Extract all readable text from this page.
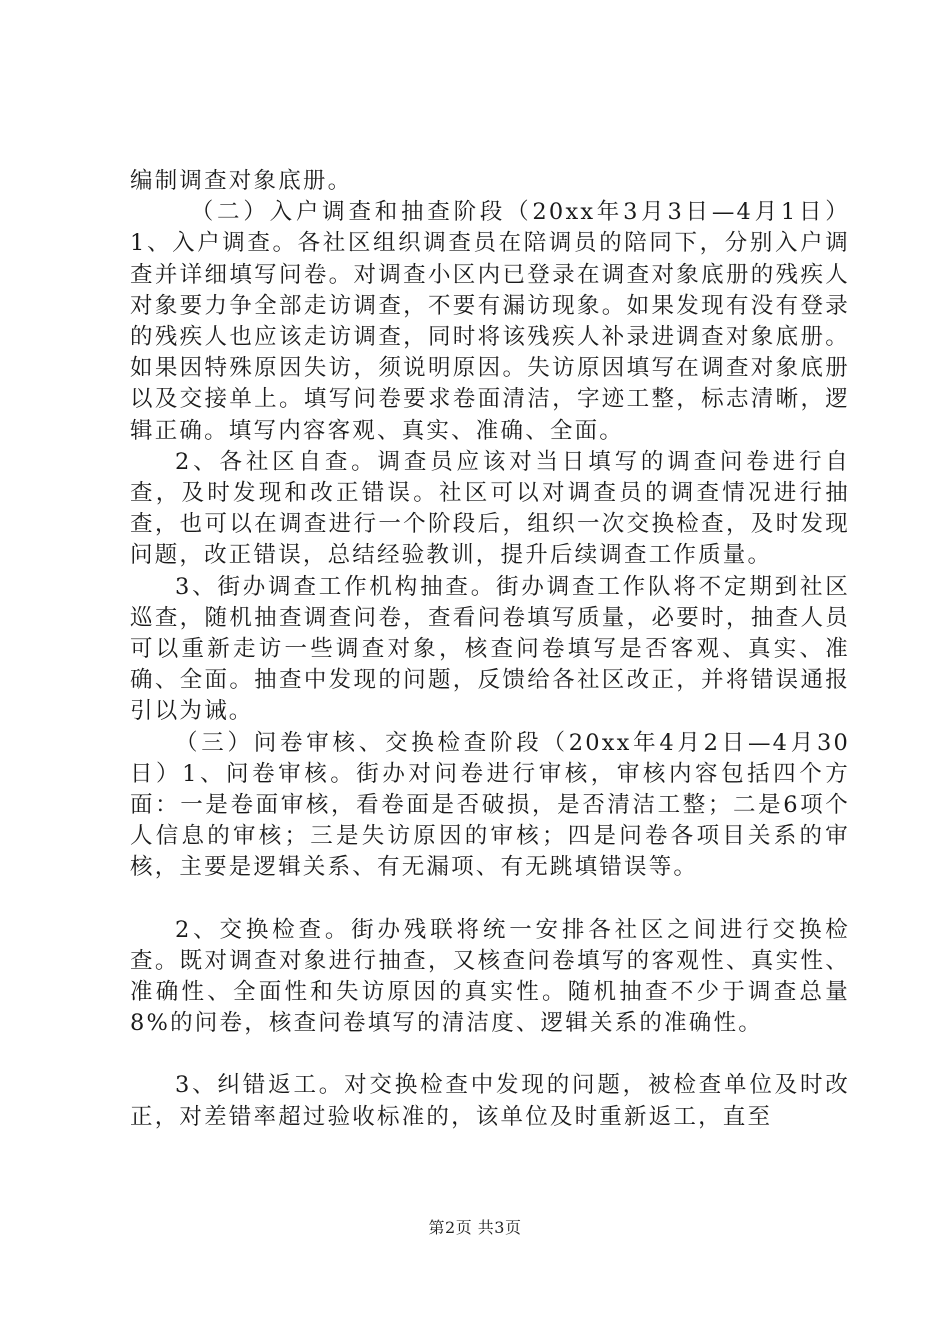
编制调查对象底册。

（二）入户调查和抽查阶段（20xx年3月3日—4月1日）1、入户调查。各社区组织调查员在陪调员的陪同下，分别入户调查并详细填写问卷。对调查小区内已登录在调查对象底册的残疾人对象要力争全部走访调查，不要有漏访现象。如果发现有没有登录的残疾人也应该走访调查，同时将该残疾人补录进调查对象底册。如果因特殊原因失访，须说明原因。失访原因填写在调查对象底册以及交接单上。填写问卷要求卷面清洁，字迹工整，标志清晰，逻辑正确。填写内容客观、真实、准确、全面。

2、各社区自查。调查员应该对当日填写的调查问卷进行自查，及时发现和改正错误。社区可以对调查员的调查情况进行抽查，也可以在调查进行一个阶段后，组织一次交换检查，及时发现问题，改正错误，总结经验教训，提升后续调查工作质量。

3、街办调查工作机构抽查。街办调查工作队将不定期到社区巡查，随机抽查调查问卷，查看问卷填写质量，必要时，抽查人员可以重新走访一些调查对象，核查问卷填写是否客观、真实、准确、全面。抽查中发现的问题，反馈给各社区改正，并将错误通报引以为诫。

（三）问卷审核、交换检查阶段（20xx年4月2日—4月30日）1、问卷审核。街办对问卷进行审核，审核内容包括四个方面：一是卷面审核，看卷面是否破损，是否清洁工整；二是6项个人信息的审核；三是失访原因的审核；四是问卷各项目关系的审核，主要是逻辑关系、有无漏项、有无跳填错误等。

2、交换检查。街办残联将统一安排各社区之间进行交换检查。既对调查对象进行抽查，又核查问卷填写的客观性、真实性、准确性、全面性和失访原因的真实性。随机抽查不少于调查总量8%的问卷，核查问卷填写的清洁度、逻辑关系的准确性。

3、纠错返工。对交换检查中发现的问题，被检查单位及时改正，对差错率超过验收标准的，该单位及时重新返工，直至

第2页 共3页
